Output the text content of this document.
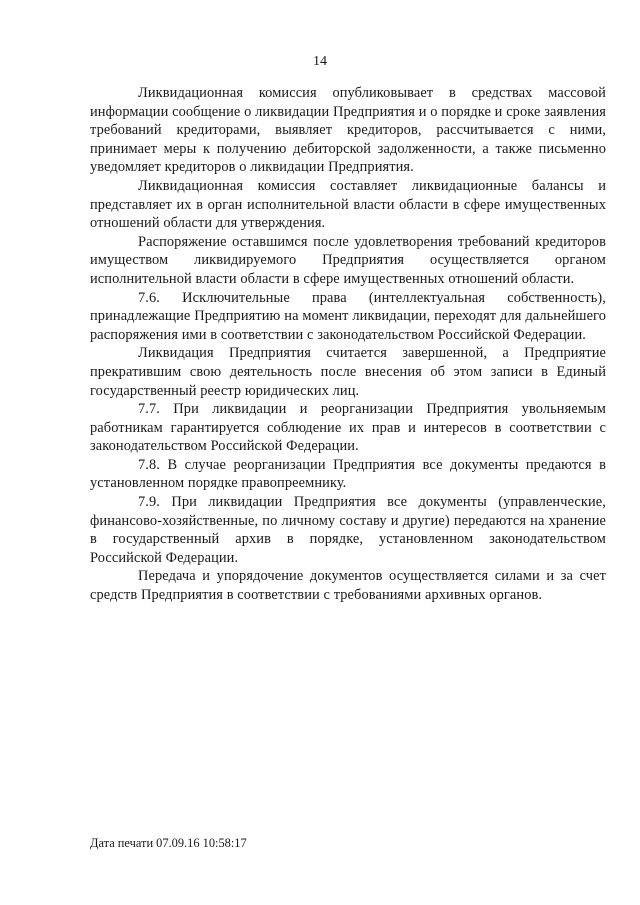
14

Ликвидационная комиссия опубликовывает в средствах массовой информации сообщение о ликвидации Предприятия и о порядке и сроке заявления требований кредиторами, выявляет кредиторов, рассчитывается с ними, принимает меры к получению дебиторской задолженности, а также письменно уведомляет кредиторов о ликвидации Предприятия.

Ликвидационная комиссия составляет ликвидационные балансы и представляет их в орган исполнительной власти области в сфере имущественных отношений области для утверждения.

Распоряжение оставшимся после удовлетворения требований кредиторов имуществом ликвидируемого Предприятия осуществляется органом исполнительной власти области в сфере имущественных отношений области.

7.6. Исключительные права (интеллектуальная собственность), принадлежащие Предприятию на момент ликвидации, переходят для дальнейшего распоряжения ими в соответствии с законодательством Российской Федерации.

Ликвидация Предприятия считается завершенной, а Предприятие прекратившим свою деятельность после внесения об этом записи в Единый государственный реестр юридических лиц.

7.7. При ликвидации и реорганизации Предприятия увольняемым работникам гарантируется соблюдение их прав и интересов в соответствии с законодательством Российской Федерации.

7.8. В случае реорганизации Предприятия все документы предаются в установленном порядке правопреемнику.

7.9. При ликвидации Предприятия все документы (управленческие, финансово-хозяйственные, по личному составу и другие) передаются на хранение в государственный архив в порядке, установленном законодательством Российской Федерации.

Передача и упорядочение документов осуществляется силами и за счет средств Предприятия в соответствии с требованиями архивных органов.

Дата печати 07.09.16 10:58:17
